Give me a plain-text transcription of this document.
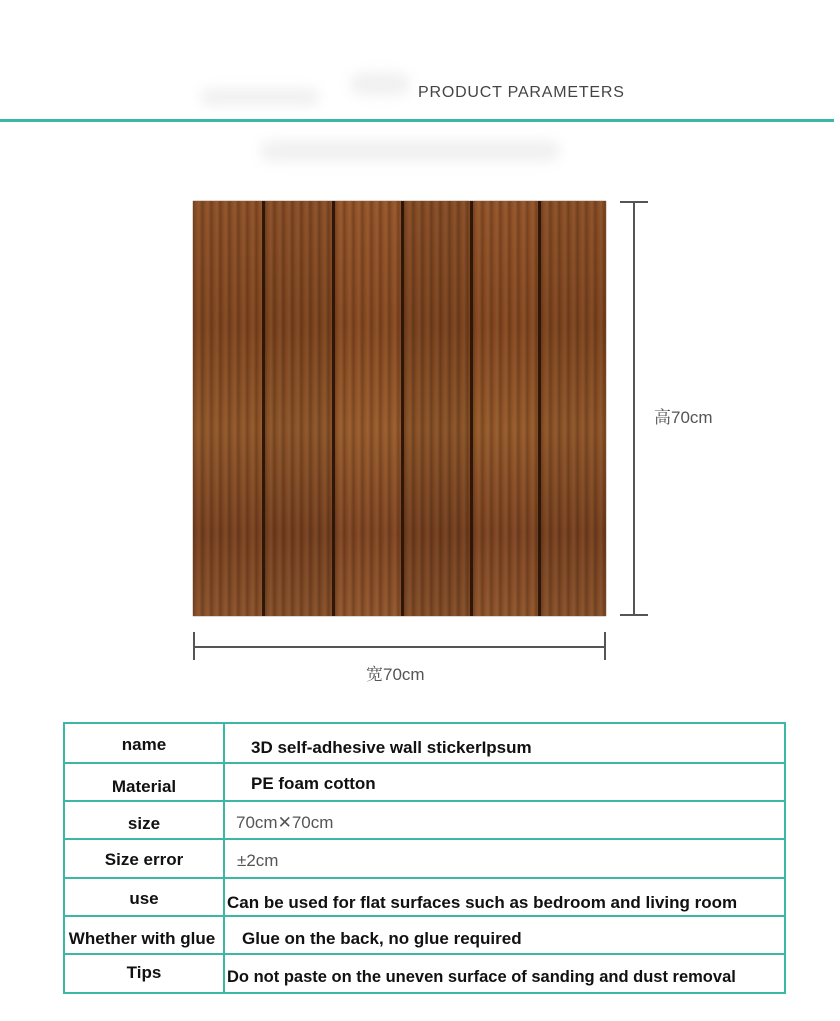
PRODUCT PARAMETERS
高70cm
宽70cm
name	3D self-adhesive wall stickerIpsum
Material	PE foam cotton
size	70cm✕70cm
Size error	±2cm
use	Can be used for flat surfaces such as bedroom and living room
Whether with glue	Glue on the back, no glue required
Tips	Do not paste on the uneven surface of sanding and dust removal
